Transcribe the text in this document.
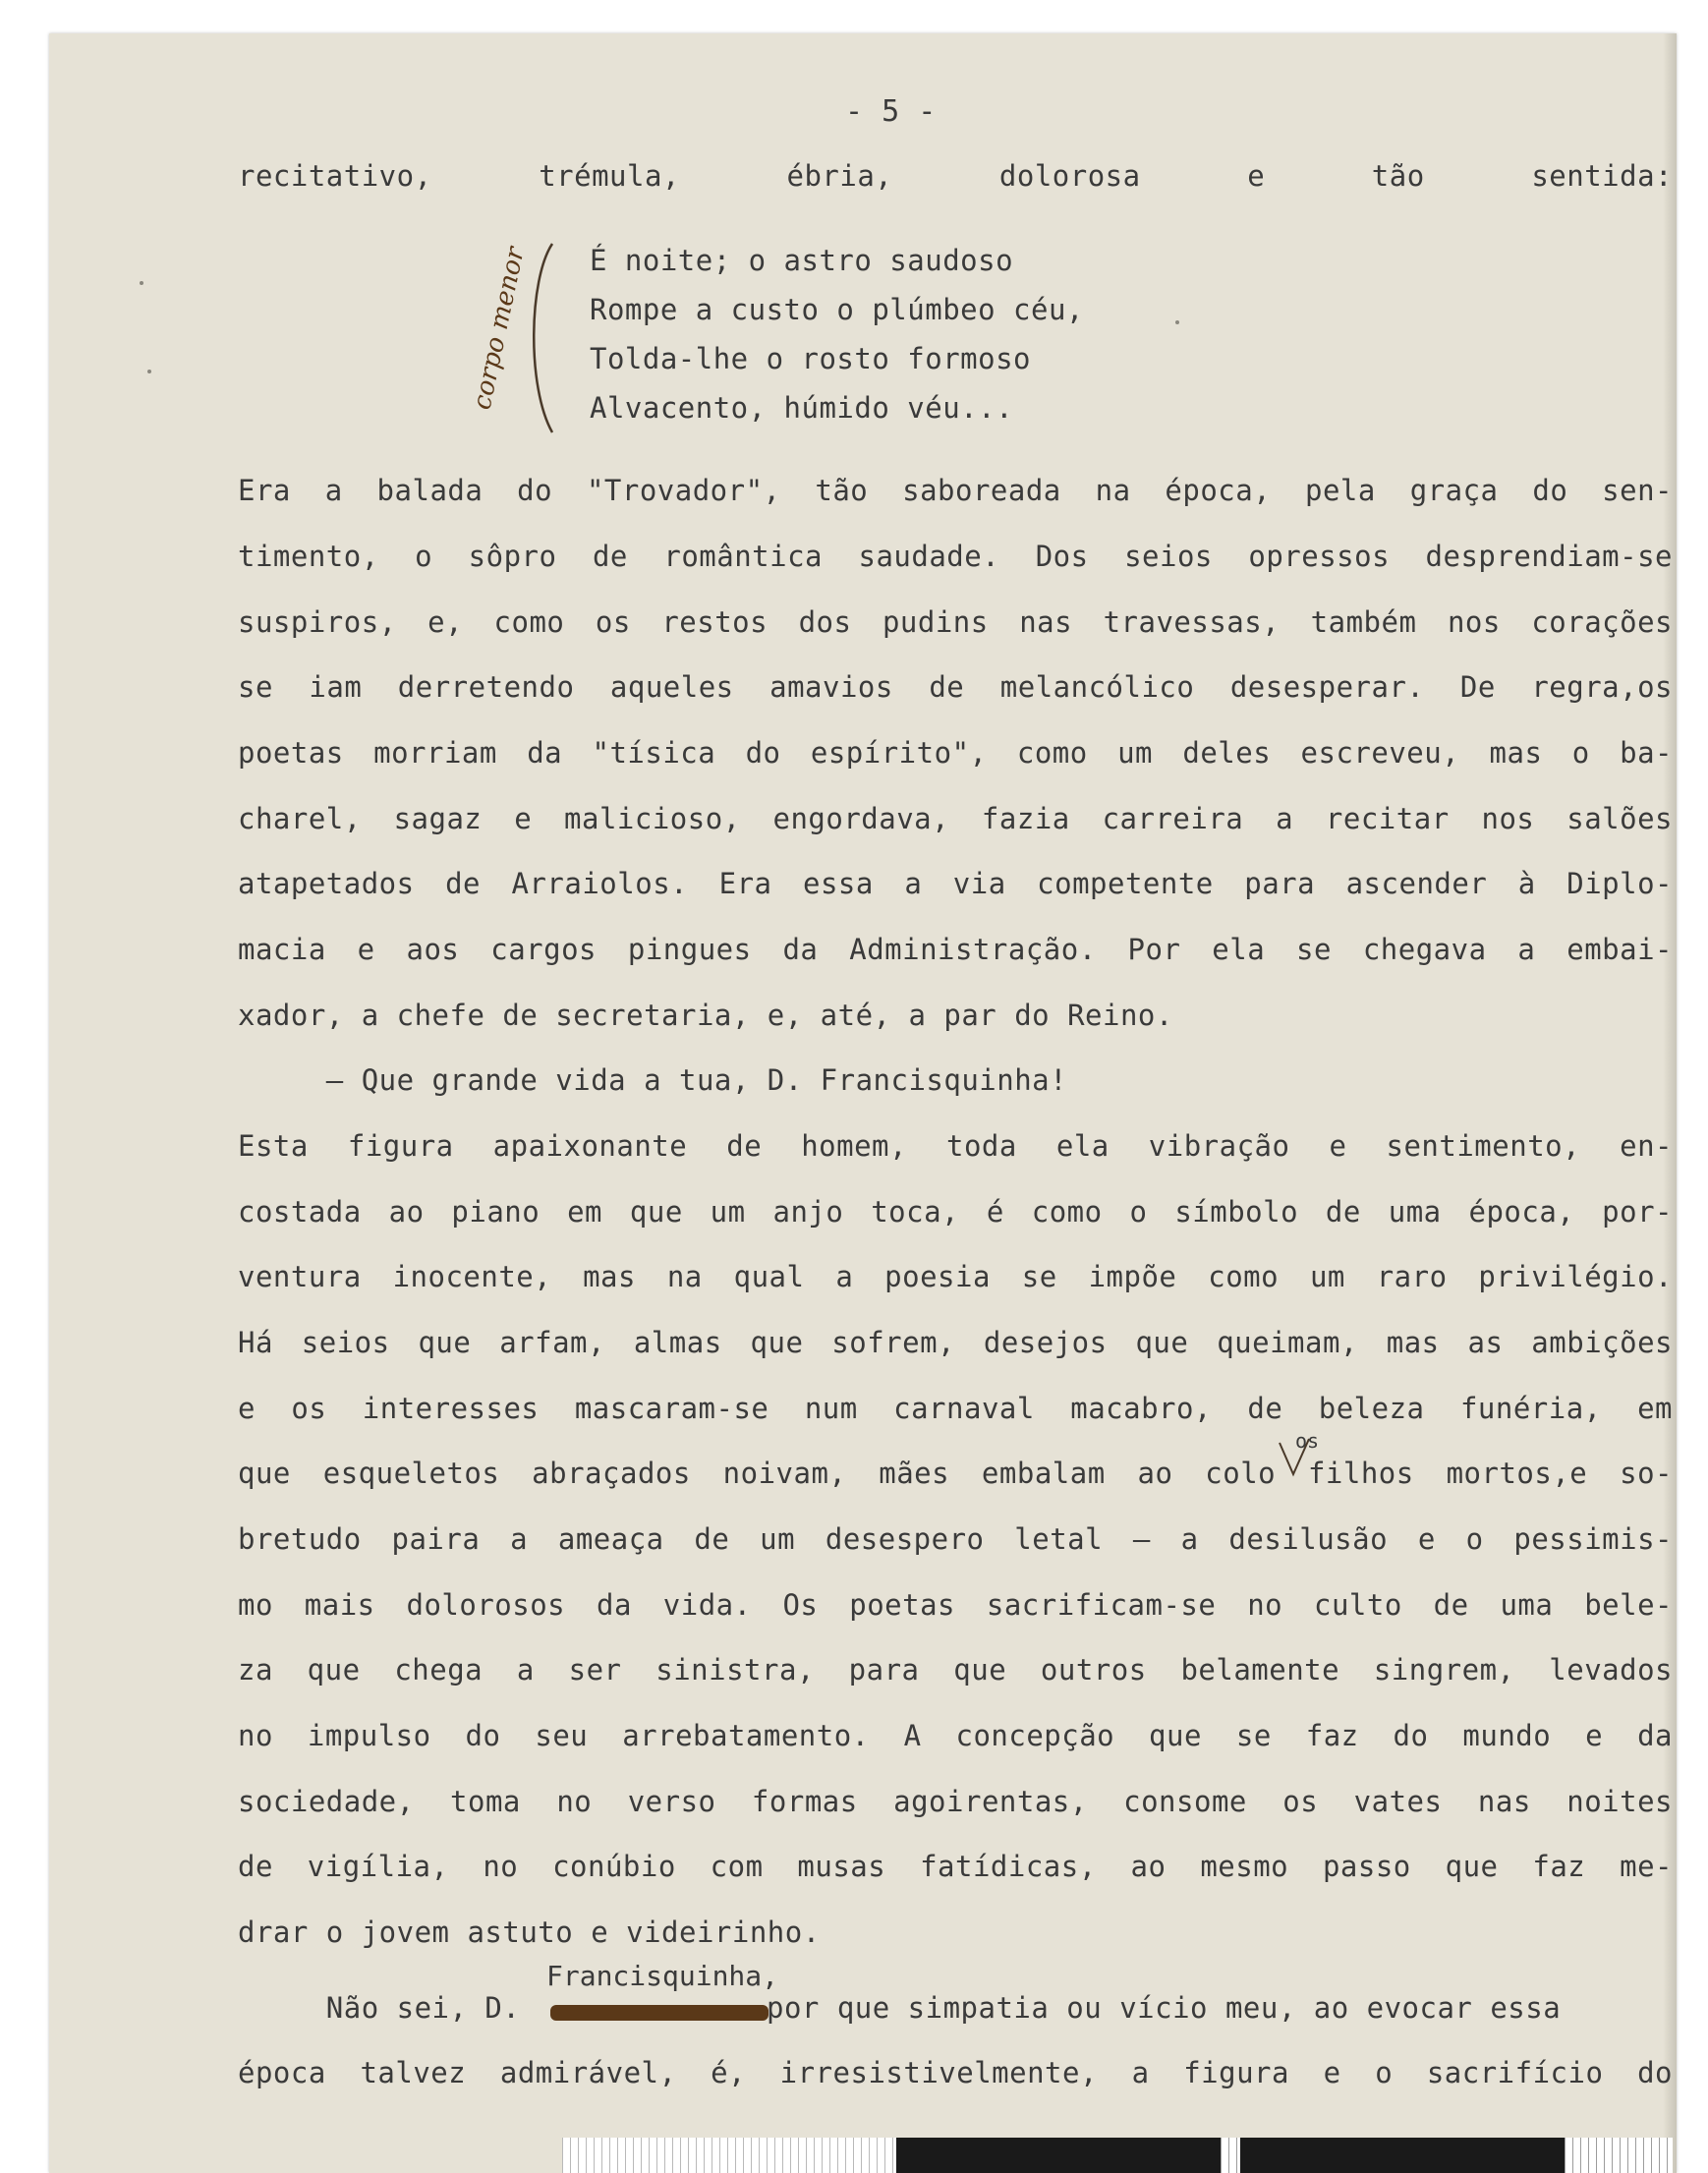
- 5 -
recitativo, trémula, ébria, dolorosa e tão sentida:
corpo menor É noite; o astro saudoso
Rompe a custo o plúmbeo céu,
Tolda-lhe o rosto formoso
Alvacento, húmido véu...
Era a balada do "Trovador", tão saboreada na época, pela graça do sen-
timento, o sôpro de romântica saudade. Dos seios opressos desprendiam-se
suspiros, e, como os restos dos pudins nas travessas, também nos corações
se iam derretendo aqueles amavios de melancólico desesperar. De regra,os
poetas morriam da "tísica do espírito", como um deles escreveu, mas o ba-
charel, sagaz e malicioso, engordava, fazia carreira a recitar nos salões
atapetados de Arraiolos. Era essa a via competente para ascender à Diplo-
macia e aos cargos pingues da Administração. Por ela se chegava a embai-
xador, a chefe de secretaria, e, até, a par do Reino.
— Que grande vida a tua, D. Francisquinha!
Esta figura apaixonante de homem, toda ela vibração e sentimento, en-
costada ao piano em que um anjo toca, é como o símbolo de uma época, por-
ventura inocente, mas na qual a poesia se impõe como um raro privilégio.
Há seios que arfam, almas que sofrem, desejos que queimam, mas as ambições
e os interesses mascaram-se num carnaval macabro, de beleza funéria, em
que esqueletos abraçados noivam, mães embalam ao colo filhos mortos,e so-
bretudo paira a ameaça de um desespero letal — a desilusão e o pessimis-
mo mais dolorosos da vida. Os poetas sacrificam-se no culto de uma bele-
za que chega a ser sinistra, para que outros belamente singrem, levados
no impulso do seu arrebatamento. A concepção que se faz do mundo e da
sociedade, toma no verso formas agoirentas, consome os vates nas noites
de vigília, no conúbio com musas fatídicas, ao mesmo passo que faz me-
drar o jovem astuto e videirinho.
os
Francisquinha,
Não sei, D.	por que simpatia ou vício meu, ao evocar essa
época talvez admirável, é, irresistivelmente, a figura e o sacrifício do
